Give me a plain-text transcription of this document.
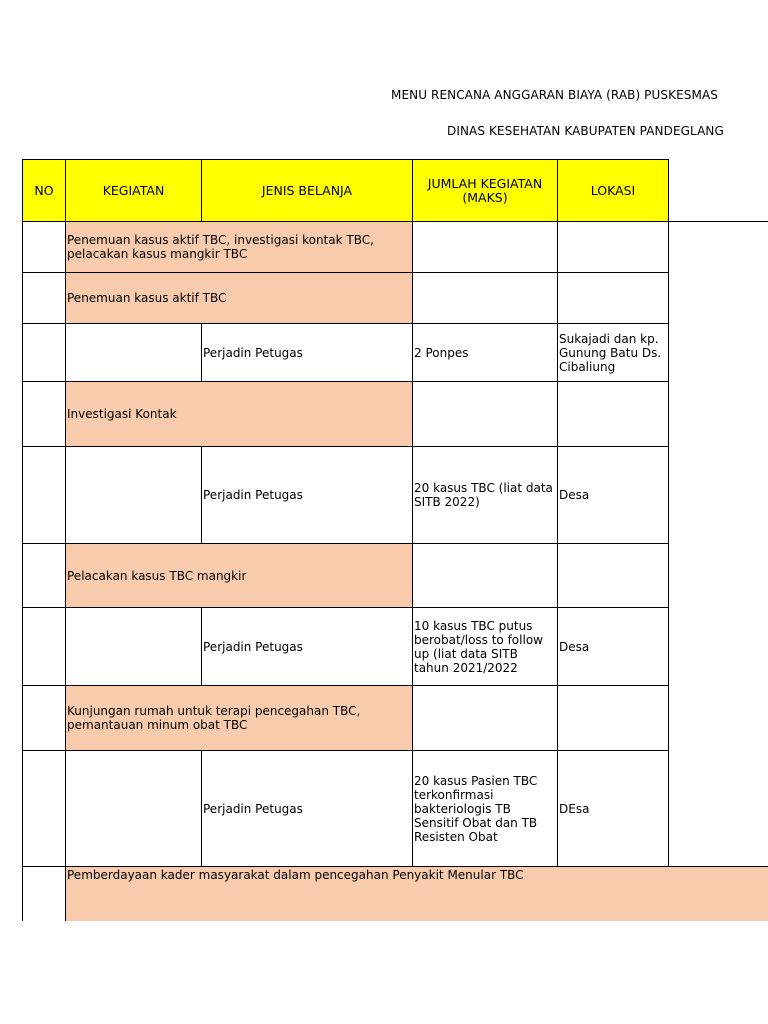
MENU RENCANA ANGGARAN BIAYA (RAB) PUSKESMAS
DINAS KESEHATAN KABUPATEN PANDEGLANG
NO	KEGIATAN	JENIS BELANJA	JUMLAH KEGIATAN (MAKS)	LOKASI	
	Penemuan kasus aktif TBC, investigasi kontak TBC, pelacakan kasus mangkir TBC				
	Penemuan kasus aktif TBC				
		Perjadin Petugas	2 Ponpes	Sukajadi dan kp. Gunung Batu Ds. Cibaliung	
	Investigasi Kontak				
		Perjadin Petugas	20 kasus TBC (liat data SITB 2022)	Desa	
	Pelacakan kasus TBC mangkir				
		Perjadin Petugas	10 kasus TBC putus berobat/loss to follow up (liat data SITB tahun 2021/2022	Desa	
	Kunjungan rumah untuk terapi pencegahan TBC, pemantauan minum obat TBC				
		Perjadin Petugas	20 kasus Pasien TBC terkonfirmasi bakteriologis TB Sensitif Obat dan TB Resisten Obat	DEsa	
	Pemberdayaan kader masyarakat dalam pencegahan Penyakit Menular TBC				
